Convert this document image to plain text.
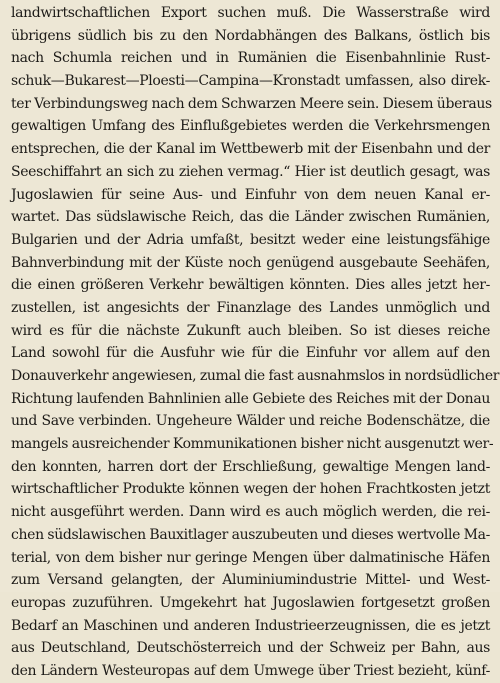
landwirtschaftlichen Export suchen muß. Die Wasserstraße wird
übrigens südlich bis zu den Nordabhängen des Balkans, östlich bis
nach Schumla reichen und in Rumänien die Eisenbahnlinie Rust-
schuk—Bukarest—Ploesti—Campina—Kronstadt umfassen, also direk-
ter Verbindungsweg nach dem Schwarzen Meere sein. Diesem überaus
gewaltigen Umfang des Einflußgebietes werden die Verkehrsmengen
entsprechen, die der Kanal im Wettbewerb mit der Eisenbahn und der
Seeschiffahrt an sich zu ziehen vermag.“ Hier ist deutlich gesagt, was
Jugoslawien für seine Aus- und Einfuhr von dem neuen Kanal er-
wartet. Das südslawische Reich, das die Länder zwischen Rumänien,
Bulgarien und der Adria umfaßt, besitzt weder eine leistungsfähige
Bahnverbindung mit der Küste noch genügend ausgebaute Seehäfen,
die einen größeren Verkehr bewältigen könnten. Dies alles jetzt her-
zustellen, ist angesichts der Finanzlage des Landes unmöglich und
wird es für die nächste Zukunft auch bleiben. So ist dieses reiche
Land sowohl für die Ausfuhr wie für die Einfuhr vor allem auf den
Donauverkehr angewiesen, zumal die fast ausnahmslos in nordsüdlicher
Richtung laufenden Bahnlinien alle Gebiete des Reiches mit der Donau
und Save verbinden. Ungeheure Wälder und reiche Bodenschätze, die
mangels ausreichender Kommunikationen bisher nicht ausgenutzt wer-
den konnten, harren dort der Erschließung, gewaltige Mengen land-
wirtschaftlicher Produkte können wegen der hohen Frachtkosten jetzt
nicht ausgeführt werden. Dann wird es auch möglich werden, die rei-
chen südslawischen Bauxitlager auszubeuten und dieses wertvolle Ma-
terial, von dem bisher nur geringe Mengen über dalmatinische Häfen
zum Versand gelangten, der Aluminiumindustrie Mittel- und West-
europas zuzuführen. Umgekehrt hat Jugoslawien fortgesetzt großen
Bedarf an Maschinen und anderen Industrieerzeugnissen, die es jetzt
aus Deutschland, Deutschösterreich und der Schweiz per Bahn, aus
den Ländern Westeuropas auf dem Umwege über Triest bezieht, künf-
